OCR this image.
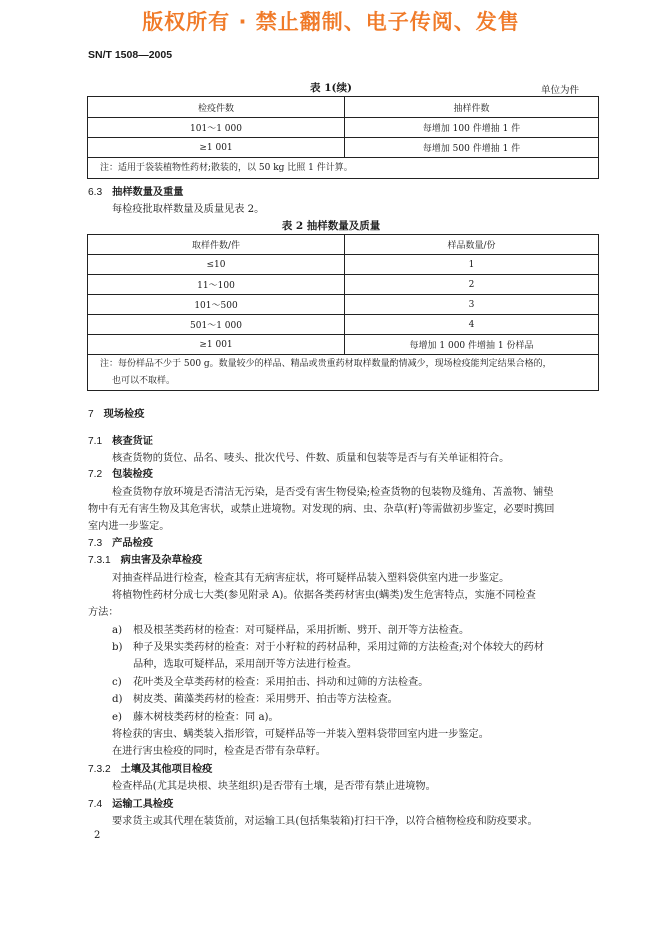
版权所有 · 禁止翻制、电子传阅、发售
SN/T 1508—2005
表 1(续)	单位为件
检疫件数	抽样件数
101～1 000	每增加 100 件增抽 1 件
≥1 001	每增加 500 件增抽 1 件
注：适用于袋装植物性药材;散装的，以 50 kg 比照 1 件计算。	
6.3 抽样数量及重量
每检疫批取样数量及质量见表 2。
表 2 抽样数量及质量
取样件数/件	样品数量/份
≤10	1
11～100	2
101～500	3
501～1 000	4
≥1 001	每增加 1 000 件增抽 1 份样品

注：每份样品不少于 500 g。数量较少的样品、精品或贵重药材取样数量酌情减少，现场检疫能判定结果合格的，
也可以不取样。	
7 现场检疫
7.1 核查货证
核查货物的货位、品名、唛头、批次代号、件数、质量和包装等是否与有关单证相符合。
7.2 包装检疫
检查货物存放环境是否清洁无污染，是否受有害生物侵染;检查货物的包装物及缝角、苫盖物、铺垫
物中有无有害生物及其危害状，或禁止进境物。对发现的病、虫、杂草(籽)等需做初步鉴定，必要时携回
室内进一步鉴定。
7.3 产品检疫
7.3.1 病虫害及杂草检疫
对抽查样品进行检查，检查其有无病害症状，将可疑样品装入塑料袋供室内进一步鉴定。
将植物性药材分成七大类(参见附录 A)。依据各类药材害虫(螨类)发生危害特点，实施不同检查
方法：
a) 根及根茎类药材的检查：对可疑样品，采用折断、劈开、剖开等方法检查。
b) 种子及果实类药材的检查：对于小籽粒的药材品种，采用过筛的方法检查;对个体较大的药材
品种，选取可疑样品，采用剖开等方法进行检查。
c) 花叶类及全草类药材的检查：采用拍击、抖动和过筛的方法检查。
d) 树皮类、菌藻类药材的检查：采用劈开、拍击等方法检查。
e) 藤木树枝类药材的检查：同 a)。
将检获的害虫、螨类装入指形管，可疑样品等一并装入塑料袋带回室内进一步鉴定。
在进行害虫检疫的同时，检查是否带有杂草籽。
7.3.2 土壤及其他项目检疫
检查样品(尤其是块根、块茎组织)是否带有土壤，是否带有禁止进境物。
7.4 运输工具检疫
要求货主或其代理在装货前，对运输工具(包括集装箱)打扫干净，以符合植物检疫和防疫要求。
2
